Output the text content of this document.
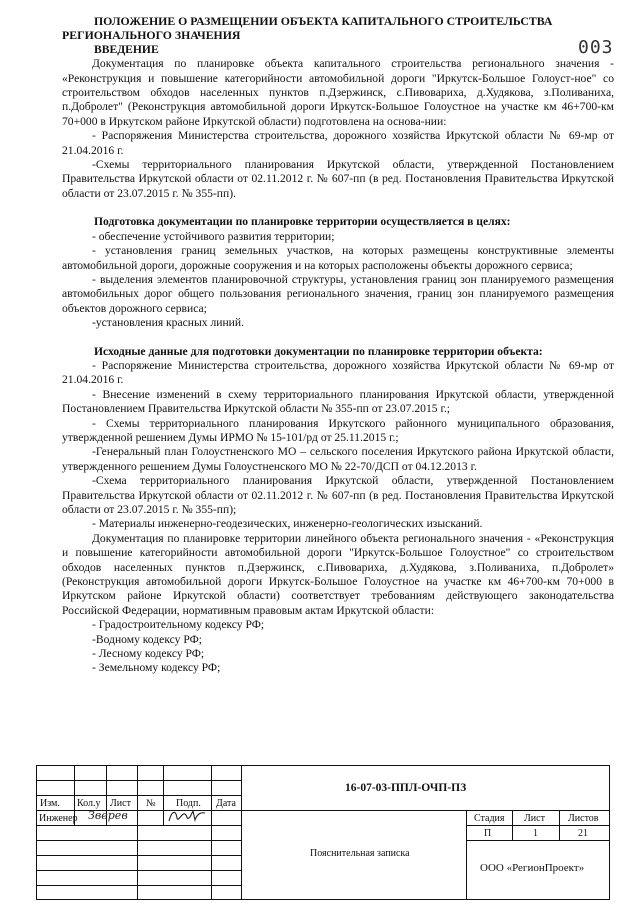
003
ПОЛОЖЕНИЕ О РАЗМЕЩЕНИИ ОБЪЕКТА КАПИТАЛЬНОГО СТРОИТЕЛЬСТВА
РЕГИОНАЛЬНОГО ЗНАЧЕНИЯ
ВВЕДЕНИЕ

Документация по планировке объекта капитального строительства регионального значения - «Реконструкция и повышение категорийности автомобильной дороги "Иркутск-Большое Голоуст-ное" со строительством обходов населенных пунктов п.Дзержинск, с.Пивовариха, д.Худякова, з.Поливаниха, п.Добролет" (Реконструкция автомобильной дороги Иркутск-Большое Голоустное на участке км 46+700-км 70+000 в Иркутском районе Иркутской области) подготовлена на основа-нии:

- Распоряжения Министерства строительства, дорожного хозяйства Иркутской области № 69-мр от 21.04.2016 г.

-Схемы территориального планирования Иркутской области, утвержденной Постановлением Правительства Иркутской области от 02.11.2012 г. № 607-пп (в ред. Постановления Правительства Иркутской области от 23.07.2015 г. № 355-пп).

Подготовка документации по планировке территории осуществляется в целях:

- обеспечение устойчивого развития территории;

- установления границ земельных участков, на которых размещены конструктивные элементы автомобильной дороги, дорожные сооружения и на которых расположены объекты дорожного сервиса;

- выделения элементов планировочной структуры, установления границ зон планируемого размещения автомобильных дорог общего пользования регионального значения, границ зон планируемого размещения объектов дорожного сервиса;

-установления красных линий.

Исходные данные для подготовки документации по планировке территории объекта:

- Распоряжение Министерства строительства, дорожного хозяйства Иркутской области № 69-мр от 21.04.2016 г.

- Внесение изменений в схему территориального планирования Иркутской области, утвержденной Постановлением Правительства Иркутской области № 355-пп от 23.07.2015 г.;

- Схемы территориального планирования Иркутского районного муниципального образования, утвержденной решением Думы ИРМО № 15-101/рд от 25.11.2015 г.;

-Генеральный план Голоустненского МО – сельского поселения Иркутского района Иркутской области, утвержденного решением Думы Голоустненского МО № 22-70/ДСП от 04.12.2013 г.

-Схема территориального планирования Иркутской области, утвержденной Постановлением Правительства Иркутской области от 02.11.2012 г. № 607-пп (в ред. Постановления Правительства Иркутской области от 23.07.2015 г. № 355-пп);

- Материалы инженерно-геодезических, инженерно-геологических изысканий.

Документация по планировке территории линейного объекта регионального значения - «Реконструкция и повышение категорийности автомобильной дороги "Иркутск-Большое Голоустное" со строительством обходов населенных пунктов п.Дзержинск, с.Пивовариха, д.Худякова, з.Поливаниха, п.Добролет» (Реконструкция автомобильной дороги Иркутск-Большое Голоустное на участке км 46+700-км 70+000 в Иркутском районе Иркутской области) соответствует требованиям действующего законодательства Российской Федерации, нормативным правовым актам Иркутской области:

- Градостроительному кодексу РФ;

-Водному кодексу РФ;

- Лесному кодексу РФ;

- Земельному кодексу РФ;

16-07-03-ППЛ-ОЧП-ПЗ
Изм. Кол.у Лист № Подп. Дата
Инженер Зверев
Пояснительная записка
Стадия Лист Листов
П	1	21
ООО «РегионПроект»
